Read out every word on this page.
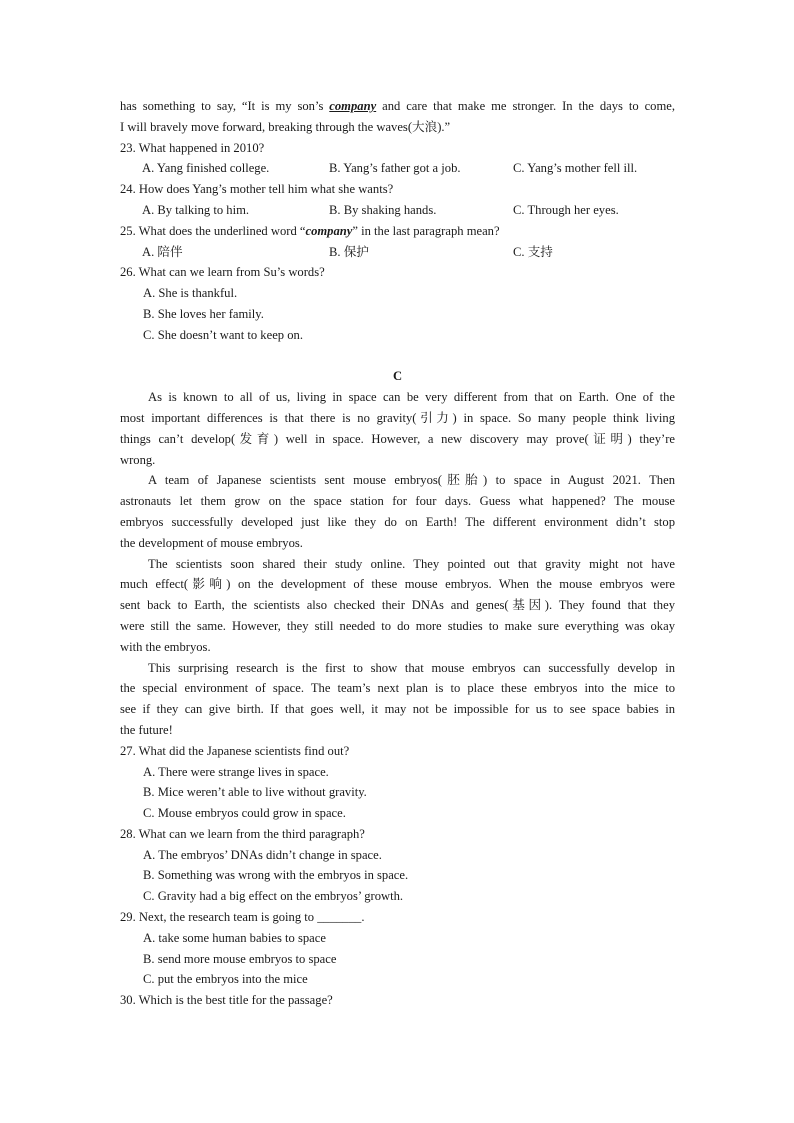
has something to say, “It is my son’s company and care that make me stronger. In the days to come,
I will bravely move forward, breaking through the waves(大浪).”
23. What happened in 2010?
A. Yang finished college.	B. Yang’s father got a job.	C. Yang’s mother fell ill.
24. How does Yang’s mother tell him what she wants?
A. By talking to him.	B. By shaking hands.	C. Through her eyes.
25. What does the underlined word “company” in the last paragraph mean?
A. 陪伴	B. 保护	C. 支持
26. What can we learn from Su’s words?
A. She is thankful.
B. She loves her family.
C. She doesn’t want to keep on.
C
As is known to all of us, living in space can be very different from that on Earth. One of the
most important differences is that there is no gravity(引力) in space. So many people think living
things can’t develop(发育) well in space. However, a new discovery may prove(证明) they’re
wrong.
A team of Japanese scientists sent mouse embryos(胚胎) to space in August 2021. Then
astronauts let them grow on the space station for four days. Guess what happened? The mouse
embryos successfully developed just like they do on Earth! The different environment didn’t stop
the development of mouse embryos.
The scientists soon shared their study online. They pointed out that gravity might not have
much effect(影响) on the development of these mouse embryos. When the mouse embryos were
sent back to Earth, the scientists also checked their DNAs and genes(基因). They found that they
were still the same. However, they still needed to do more studies to make sure everything was okay
with the embryos.
This surprising research is the first to show that mouse embryos can successfully develop in
the special environment of space. The team’s next plan is to place these embryos into the mice to
see if they can give birth. If that goes well, it may not be impossible for us to see space babies in
the future!
27. What did the Japanese scientists find out?
A. There were strange lives in space.
B. Mice weren’t able to live without gravity.
C. Mouse embryos could grow in space.
28. What can we learn from the third paragraph?
A. The embryos’ DNAs didn’t change in space.
B. Something was wrong with the embryos in space.
C. Gravity had a big effect on the embryos’ growth.
29. Next, the research team is going to _______.
A. take some human babies to space
B. send more mouse embryos to space
C. put the embryos into the mice
30. Which is the best title for the passage?
